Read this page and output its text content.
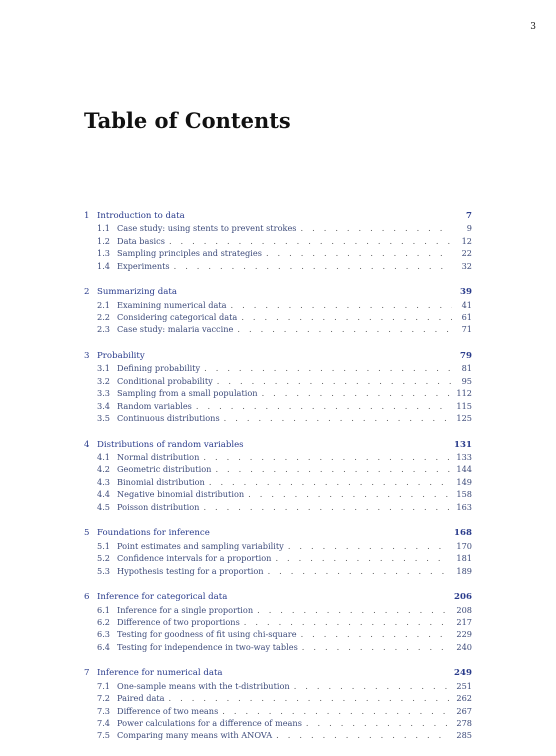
3
Table of Contents
1 Introduction to data	7
1.1 Case study: using stents to prevent strokes . . .	9
1.2 Data basics . . .	12
1.3 Sampling principles and strategies . . .	22
1.4 Experiments . . .	32
2 Summarizing data	39
2.1 Examining numerical data . . .	41
2.2 Considering categorical data . . .	61
2.3 Case study: malaria vaccine . . .	71
3 Probability	79
3.1 Defining probability . . .	81
3.2 Conditional probability . . .	95
3.3 Sampling from a small population . . .	112
3.4 Random variables . . .	115
3.5 Continuous distributions . . .	125
4 Distributions of random variables	131
4.1 Normal distribution . . .	133
4.2 Geometric distribution . . .	144
4.3 Binomial distribution . . .	149
4.4 Negative binomial distribution . . .	158
4.5 Poisson distribution . . .	163
5 Foundations for inference	168
5.1 Point estimates and sampling variability . . .	170
5.2 Confidence intervals for a proportion . . .	181
5.3 Hypothesis testing for a proportion . . .	189
6 Inference for categorical data	206
6.1 Inference for a single proportion . . .	208
6.2 Difference of two proportions . . .	217
6.3 Testing for goodness of fit using chi-square . . .	229
6.4 Testing for independence in two-way tables . . .	240
7 Inference for numerical data	249
7.1 One-sample means with the t-distribution . . .	251
7.2 Paired data . . .	262
7.3 Difference of two means . . .	267
7.4 Power calculations for a difference of means . . .	278
7.5 Comparing many means with ANOVA . . .	285
